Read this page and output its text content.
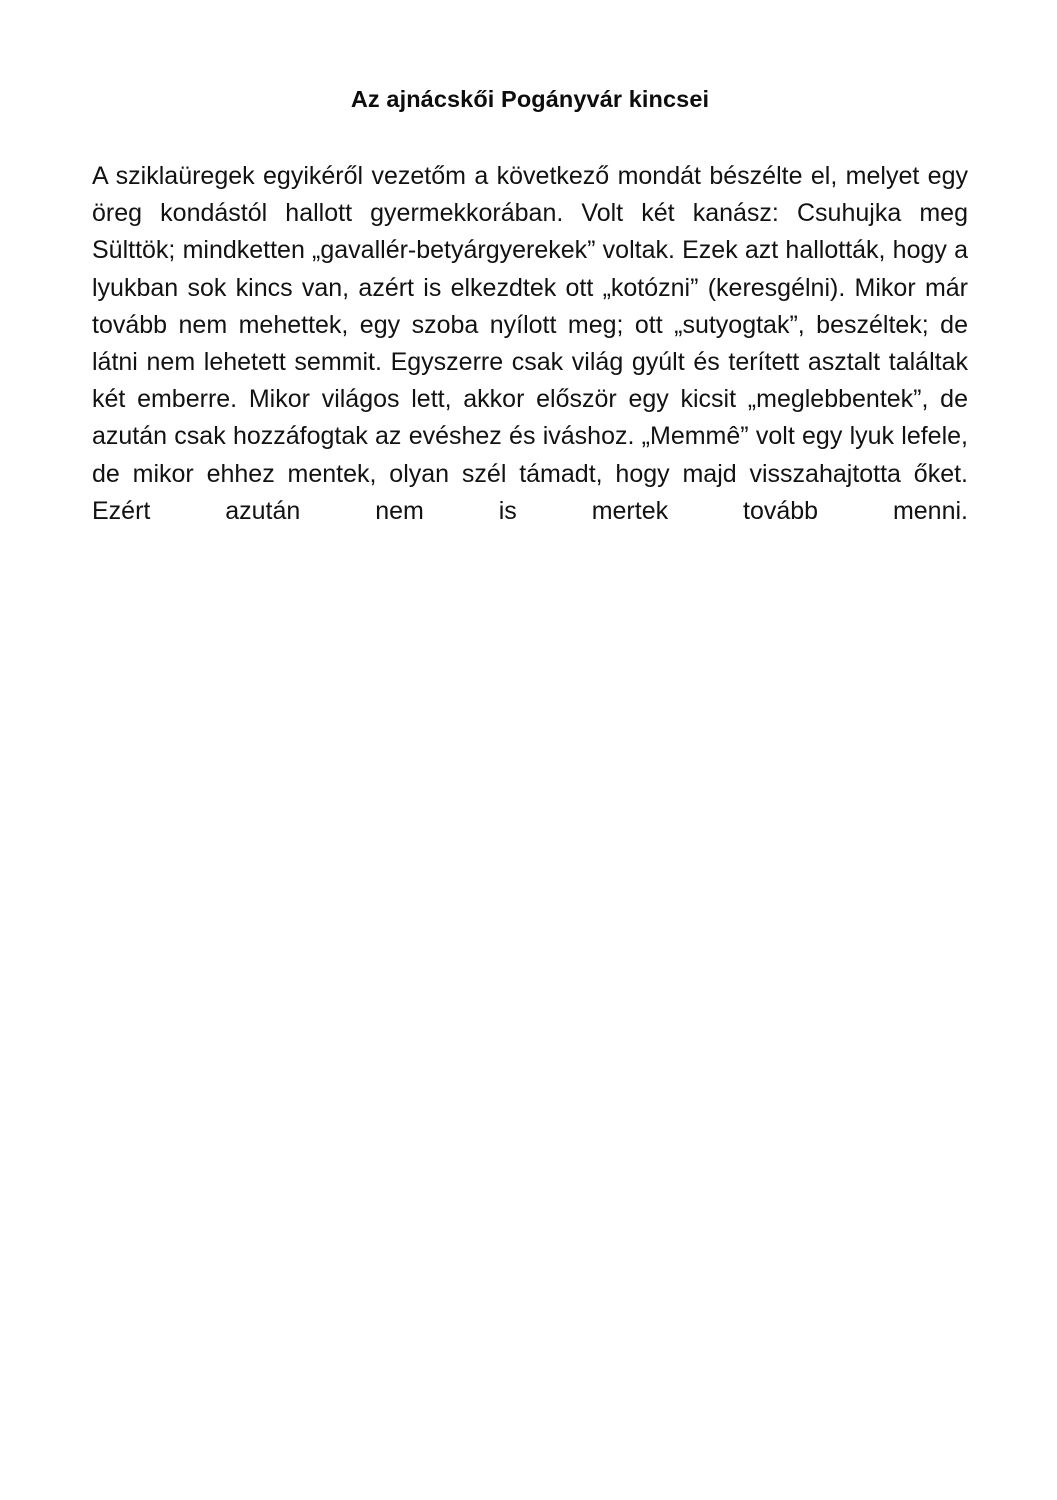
Az ajnácskői Pogányvár kincsei

A sziklaüregek egyikéről vezetőm a következő mondát bészélte el, melyet egy öreg kondástól hallott gyermekkorában. Volt két kanász: Csuhujka meg Sülttök; mindketten „gavallér-betyárgyerekek” voltak. Ezek azt hallották, hogy a lyukban sok kincs van, azért is elkezdtek ott „kotózni” (keresgélni). Mikor már tovább nem mehettek, egy szoba nyílott meg; ott „sutyogtak”, beszéltek; de látni nem lehetett semmit. Egyszerre csak világ gyúlt és terített asztalt találtak két emberre. Mikor világos lett, akkor először egy kicsit „meglebbentek”, de azután csak hozzáfogtak az evéshez és iváshoz. „Memmê” volt egy lyuk lefele, de mikor ehhez mentek, olyan szél támadt, hogy majd visszahajtotta őket. Ezért azután nem is mertek tovább menni.
